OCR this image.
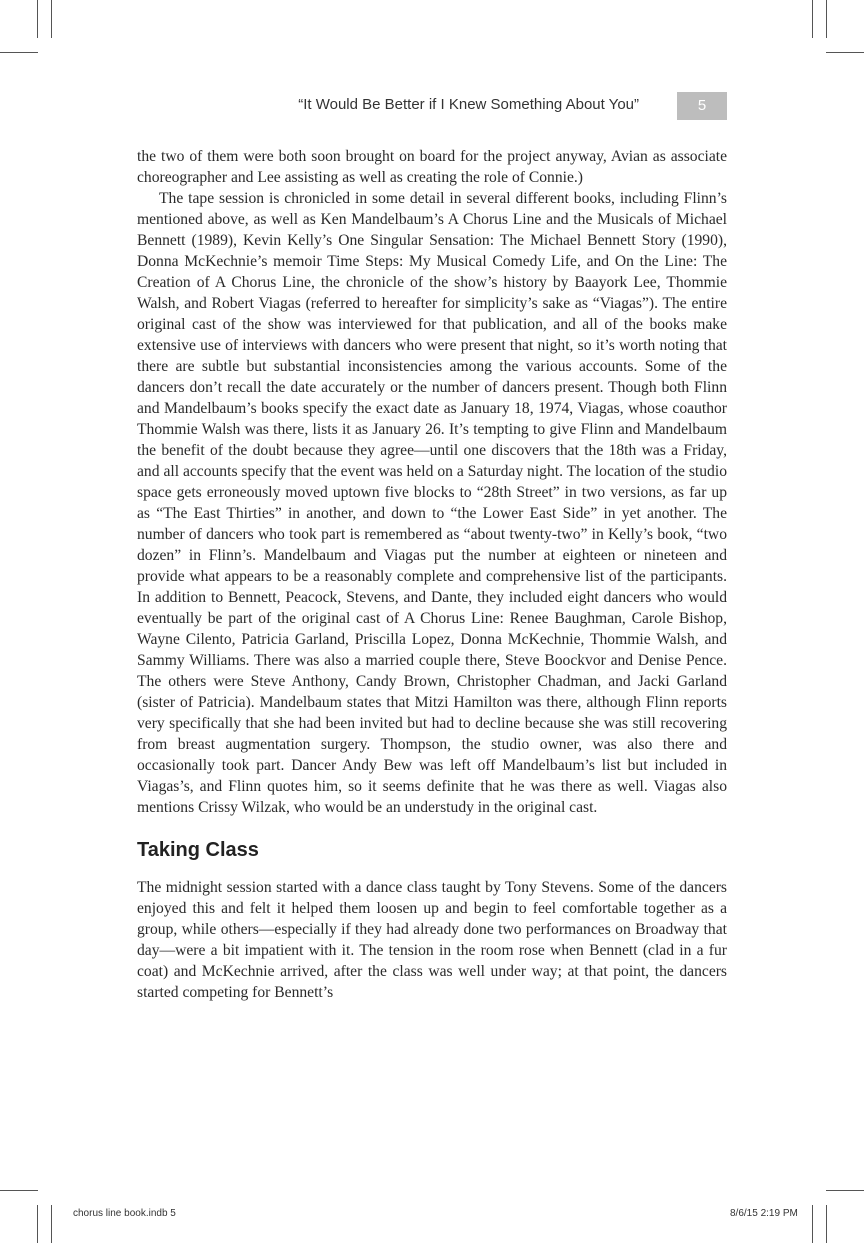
“It Would Be Better if I Knew Something About You”	5

the two of them were both soon brought on board for the project anyway, Avian as associate choreographer and Lee assisting as well as creating the role of Connie.)

The tape session is chronicled in some detail in several different books, including Flinn’s mentioned above, as well as Ken Mandelbaum’s A Chorus Line and the Musicals of Michael Bennett (1989), Kevin Kelly’s One Singular Sensation: The Michael Bennett Story (1990), Donna McKechnie’s memoir Time Steps: My Musical Comedy Life, and On the Line: The Creation of A Chorus Line, the chronicle of the show’s history by Baayork Lee, Thommie Walsh, and Robert Viagas (referred to hereafter for simplicity’s sake as “Viagas”). The entire original cast of the show was interviewed for that publication, and all of the books make extensive use of interviews with dancers who were present that night, so it’s worth noting that there are subtle but substantial inconsistencies among the various accounts. Some of the dancers don’t recall the date accurately or the number of dancers present. Though both Flinn and Mandelbaum’s books specify the exact date as January 18, 1974, Viagas, whose coauthor Thommie Walsh was there, lists it as January 26. It’s tempting to give Flinn and Mandelbaum the benefit of the doubt because they agree—until one discovers that the 18th was a Friday, and all accounts specify that the event was held on a Saturday night. The location of the studio space gets erroneously moved uptown five blocks to “28th Street” in two versions, as far up as “The East Thirties” in another, and down to “the Lower East Side” in yet another. The number of dancers who took part is remembered as “about twenty-two” in Kelly’s book, “two dozen” in Flinn’s. Mandelbaum and Viagas put the number at eighteen or nineteen and provide what appears to be a reasonably complete and comprehensive list of the participants. In addition to Bennett, Peacock, Stevens, and Dante, they included eight dancers who would eventually be part of the original cast of A Chorus Line: Renee Baughman, Carole Bishop, Wayne Cilento, Patricia Garland, Priscilla Lopez, Donna McKechnie, Thommie Walsh, and Sammy Williams. There was also a married couple there, Steve Boockvor and Denise Pence. The others were Steve Anthony, Candy Brown, Christopher Chadman, and Jacki Garland (sister of Patricia). Mandelbaum states that Mitzi Hamilton was there, although Flinn reports very specifically that she had been invited but had to decline because she was still recovering from breast augmentation surgery. Thompson, the studio owner, was also there and occasionally took part. Dancer Andy Bew was left off Mandelbaum’s list but included in Viagas’s, and Flinn quotes him, so it seems definite that he was there as well. Viagas also mentions Crissy Wilzak, who would be an understudy in the original cast.

Taking Class

The midnight session started with a dance class taught by Tony Stevens. Some of the dancers enjoyed this and felt it helped them loosen up and begin to feel comfortable together as a group, while others—especially if they had already done two performances on Broadway that day—were a bit impatient with it. The tension in the room rose when Bennett (clad in a fur coat) and McKechnie arrived, after the class was well under way; at that point, the dancers started competing for Bennett’s

chorus line book.indb 5	8/6/15 2:19 PM
